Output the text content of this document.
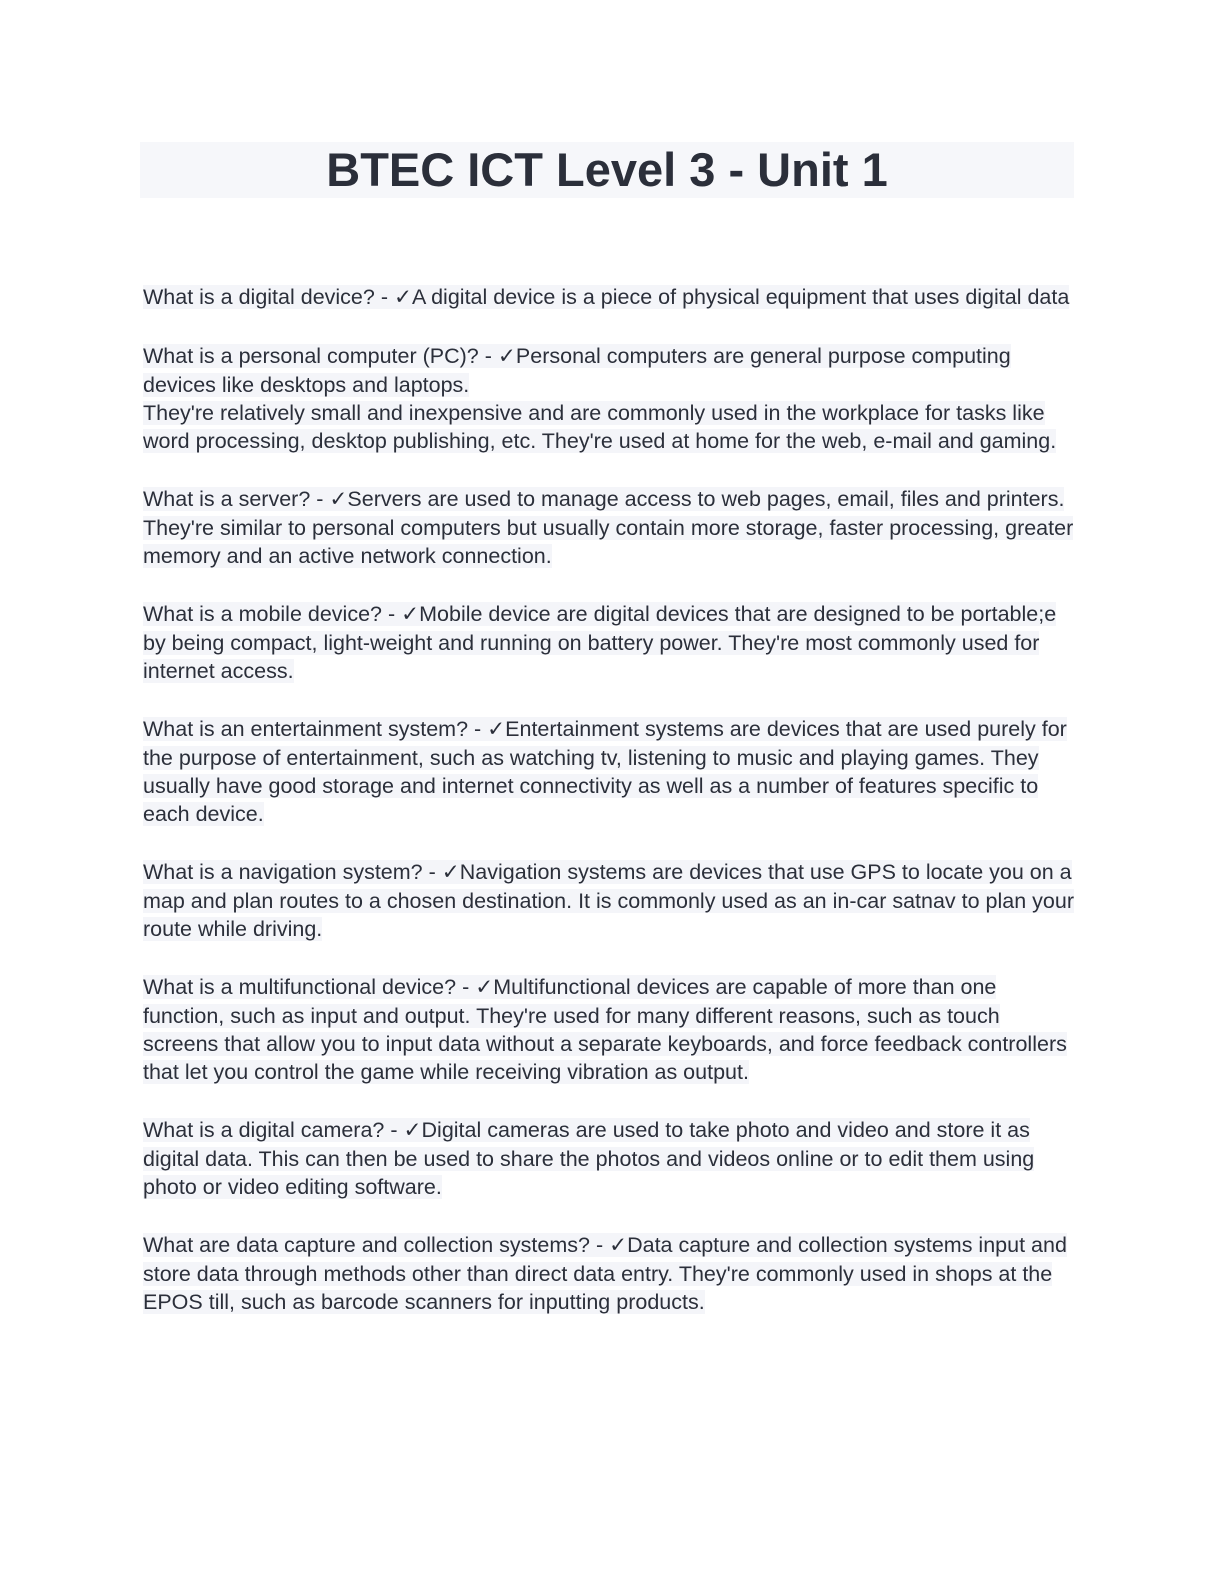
BTEC ICT Level 3 - Unit 1

What is a digital device? - ✓A digital device is a piece of physical equipment that uses digital data

What is a personal computer (PC)? - ✓Personal computers are general purpose computing devices like desktops and laptops.
They're relatively small and inexpensive and are commonly used in the workplace for tasks like word processing, desktop publishing, etc. They're used at home for the web, e-mail and gaming.

What is a server? - ✓Servers are used to manage access to web pages, email, files and printers. They're similar to personal computers but usually contain more storage, faster processing, greater memory and an active network connection.

What is a mobile device? - ✓Mobile device are digital devices that are designed to be portable;e by being compact, light-weight and running on battery power. They're most commonly used for internet access.

What is an entertainment system? - ✓Entertainment systems are devices that are used purely for the purpose of entertainment, such as watching tv, listening to music and playing games. They usually have good storage and internet connectivity as well as a number of features specific to each device.

What is a navigation system? - ✓Navigation systems are devices that use GPS to locate you on a map and plan routes to a chosen destination. It is commonly used as an in-car satnav to plan your route while driving.

What is a multifunctional device? - ✓Multifunctional devices are capable of more than one function, such as input and output. They're used for many different reasons, such as touch screens that allow you to input data without a separate keyboards, and force feedback controllers that let you control the game while receiving vibration as output.

What is a digital camera? - ✓Digital cameras are used to take photo and video and store it as digital data. This can then be used to share the photos and videos online or to edit them using photo or video editing software.

What are data capture and collection systems? - ✓Data capture and collection systems input and store data through methods other than direct data entry. They're commonly used in shops at the EPOS till, such as barcode scanners for inputting products.
